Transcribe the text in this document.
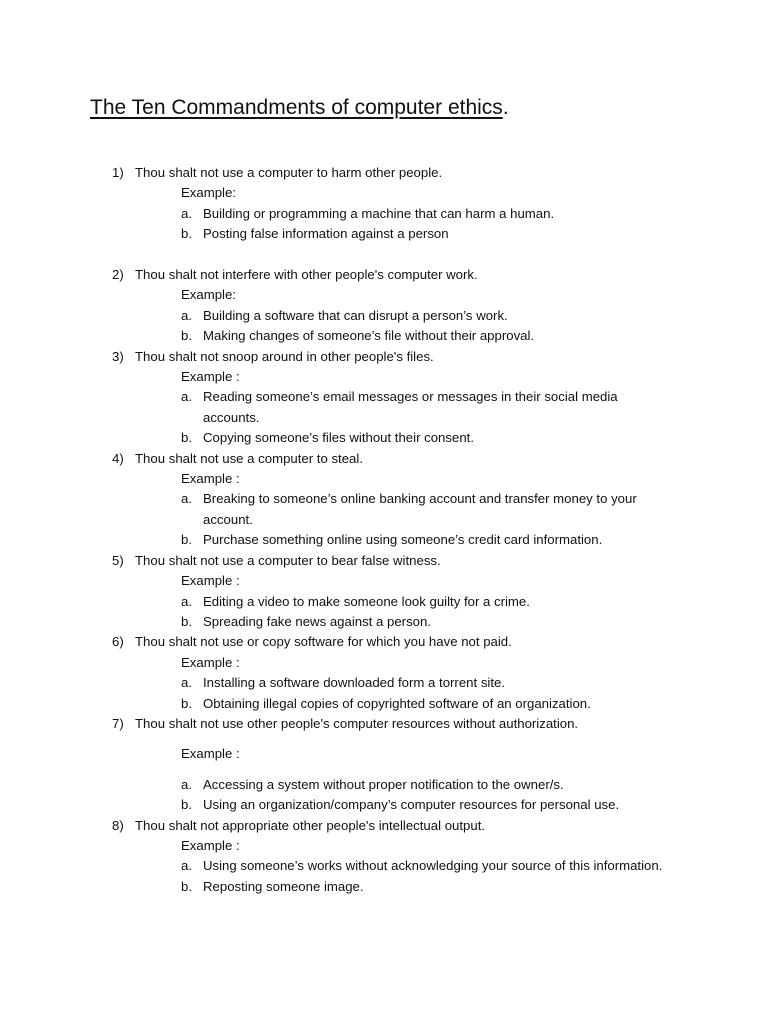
The Ten Commandments of computer ethics.
1) Thou shalt not use a computer to harm other people.
Example:
a. Building or programming a machine that can harm a human.
b. Posting false information against a person
2) Thou shalt not interfere with other people's computer work.
Example:
a. Building a software that can disrupt a person’s work.
b. Making changes of someone’s file without their approval.
3) Thou shalt not snoop around in other people's files.
Example :
a. Reading someone’s email messages or messages in their social media accounts.
b. Copying someone’s files without their consent.
4) Thou shalt not use a computer to steal.
Example :
a. Breaking to someone’s online banking account and transfer money to your account.
b. Purchase something online using someone’s credit card information.
5) Thou shalt not use a computer to bear false witness.
Example :
a. Editing a video to make someone look guilty for a crime.
b. Spreading fake news against a person.
6) Thou shalt not use or copy software for which you have not paid.
Example :
a. Installing a software downloaded form a torrent site.
b. Obtaining illegal copies of copyrighted software of an organization.
7) Thou shalt not use other people's computer resources without authorization.
Example :
a. Accessing a system without proper notification to the owner/s.
b. Using an organization/company’s computer resources for personal use.
8) Thou shalt not appropriate other people's intellectual output.
Example :
a. Using someone’s works without acknowledging your source of this information.
b. Reposting someone image.
